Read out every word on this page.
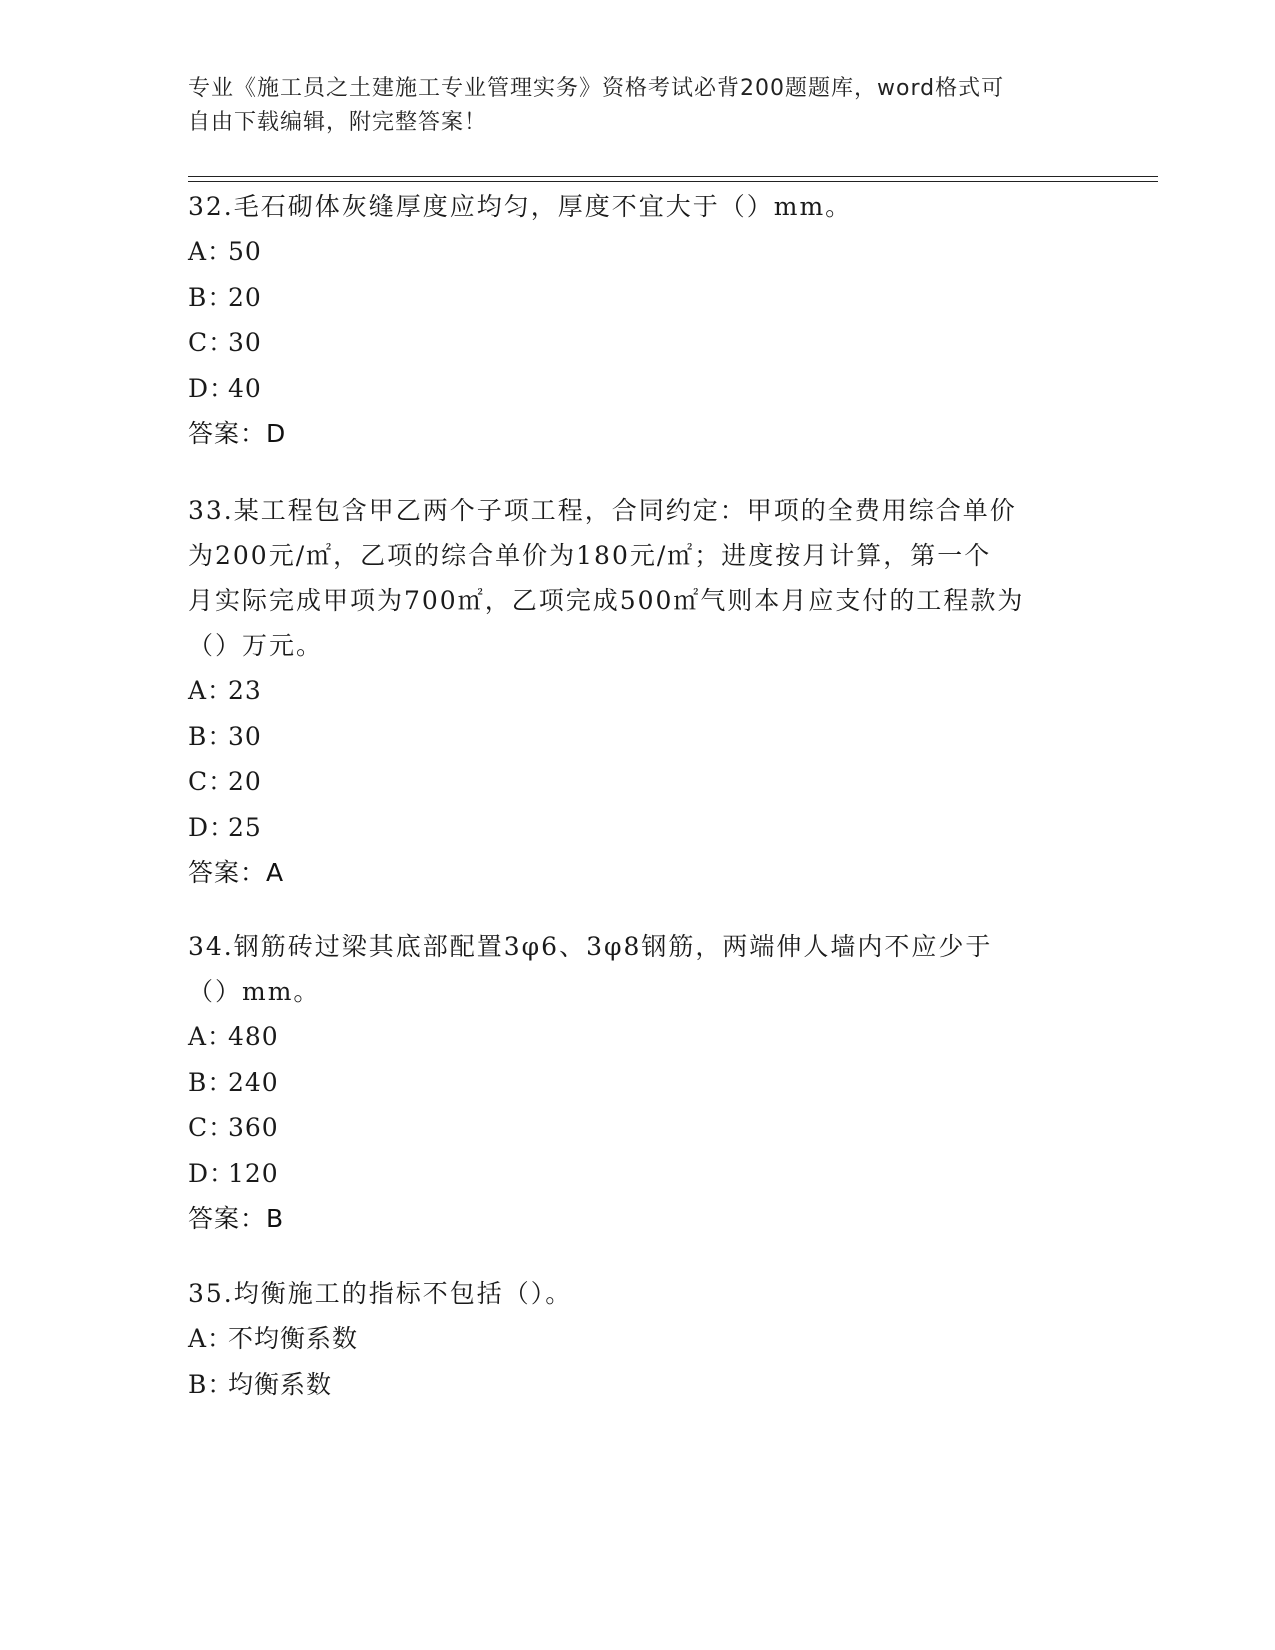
专业《施工员之土建施工专业管理实务》资格考试必背200题题库，word格式可
自由下载编辑，附完整答案！
32.毛石砌体灰缝厚度应均匀，厚度不宜大于（）mm。
A：50
B：20
C：30
D：40
答案：D
33.某工程包含甲乙两个子项工程，合同约定：甲项的全费用综合单价
为200元/㎡，乙项的综合单价为180元/㎡；进度按月计算，第一个
月实际完成甲项为700㎡，乙项完成500㎡气则本月应支付的工程款为
（）万元。
A：23
B：30
C：20
D：25
答案：A
34.钢筋砖过梁其底部配置3φ6、3φ8钢筋，两端伸人墙内不应少于
（）mm。
A：480
B：240
C：360
D：120
答案：B
35.均衡施工的指标不包括（）。
A：不均衡系数
B：均衡系数
